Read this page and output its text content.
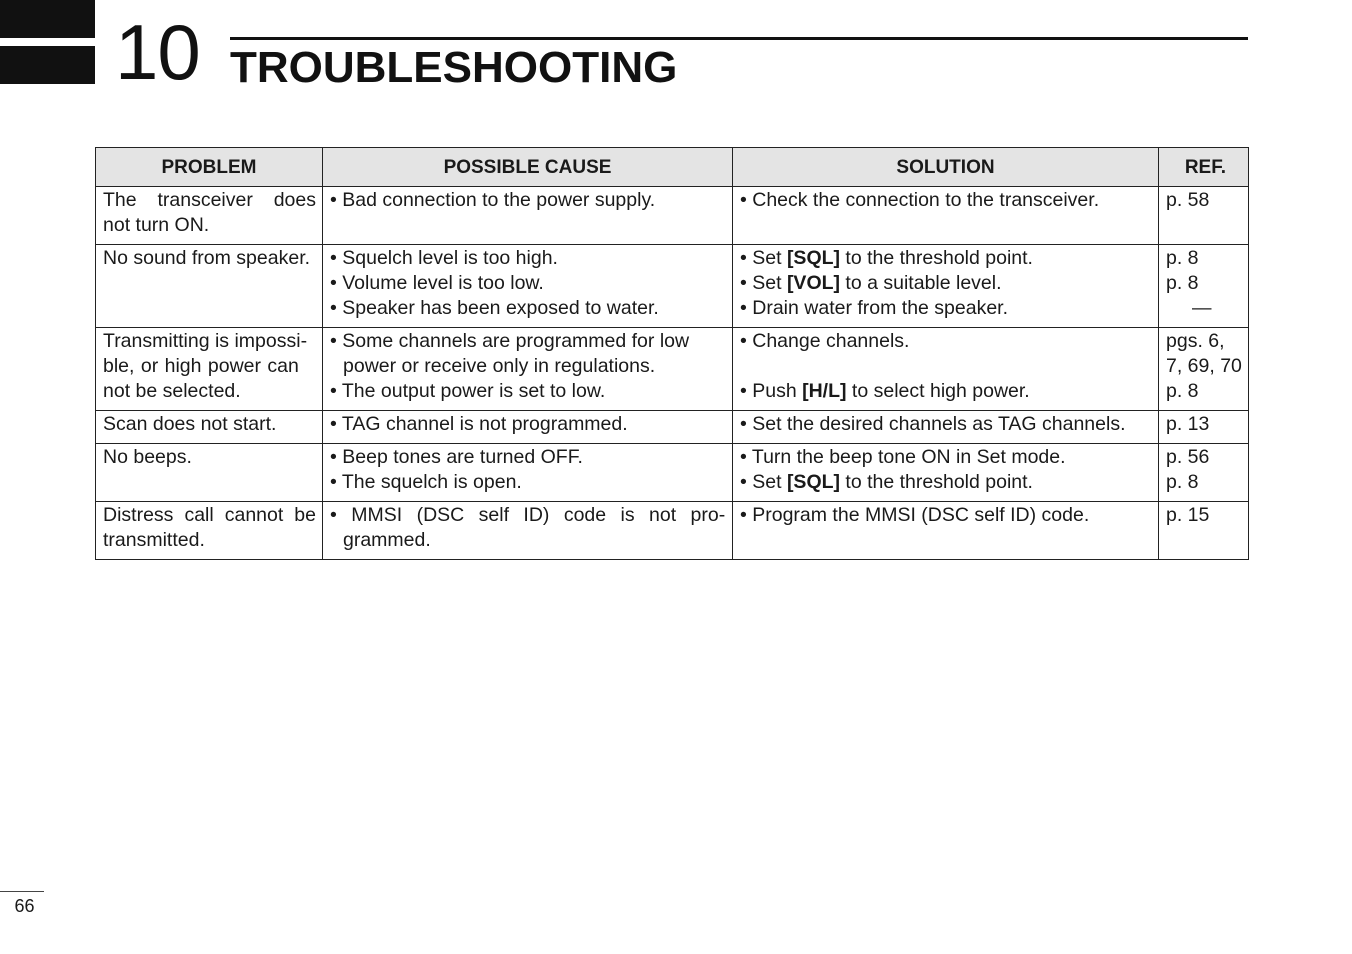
10 TROUBLESHOOTING
PROBLEM	POSSIBLE CAUSE	SOLUTION	REF.

The transceiver does not turn ON.	• Bad connection to the power supply.	• Check the connection to the transceiver.	p. 58

No sound from speaker.	• Squelch level is too high.
• Volume level is too low.
• Speaker has been exposed to water.	• Set [SQL] to the threshold point.
• Set [VOL] to a suitable level.
• Drain water from the speaker.	p. 8
p. 8
—

Transmitting is impossi-
ble, or high power can
not be selected.	• Some channels are programmed for low power or receive only in regulations.
• The output power is set to low.	• Change channels.
• Push [H/L] to select high power.	pgs. 6,
7, 69, 70
p. 8

Scan does not start.	• TAG channel is not programmed.	• Set the desired channels as TAG channels.	p. 13

No beeps.	• Beep tones are turned OFF.
• The squelch is open.	• Turn the beep tone ON in Set mode.
• Set [SQL] to the threshold point.	p. 56
p. 8

Distress call cannot be transmitted.	• MMSI (DSC self ID) code is not pro-
grammed.	• Program the MMSI (DSC self ID) code.	p. 15
66
